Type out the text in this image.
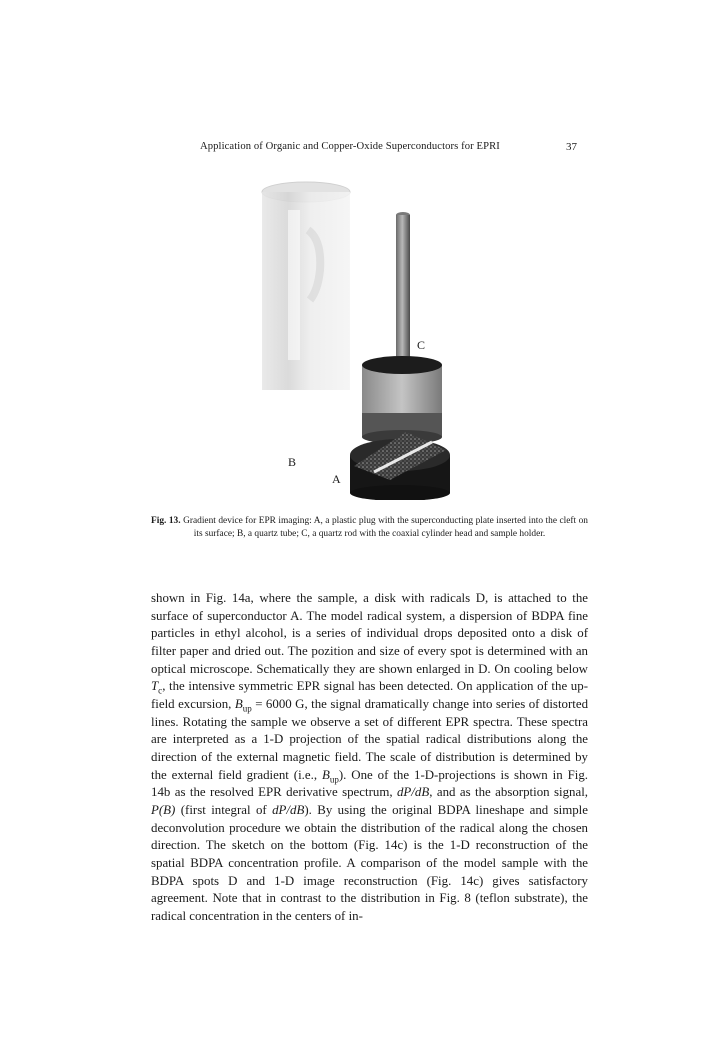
Application of Organic and Copper-Oxide Superconductors for EPRI	37
C
B
A
Fig. 13. Gradient device for EPR imaging: A, a plastic plug with the superconducting plate inserted into the cleft on its surface; B, a quartz tube; C, a quartz rod with the coaxial cylinder head and sample holder.

shown in Fig. 14a, where the sample, a disk with radicals D, is attached to the surface of superconductor A. The model radical system, a dispersion of BDPA fine particles in ethyl alcohol, is a series of individual drops deposited onto a disk of filter paper and dried out. The pozition and size of every spot is determined with an optical microscope. Schematically they are shown enlarged in D. On cooling below $T_c$, the intensive symmetric EPR signal has been detected. On application of the up-field excursion, $B_{up} = 6000$ G, the signal dramatically change into series of distorted lines. Rotating the sample we observe a set of different EPR spectra. These spectra are interpreted as a 1-D projection of the spatial radical distributions along the direction of the external magnetic field. The scale of distribution is determined by the external field gradient (i.e., $B_{up}$). One of the 1-D-projections is shown in Fig. 14b as the resolved EPR derivative spectrum, dP/dB, and as the absorption signal, P(B) (first integral of dP/dB). By using the original BDPA lineshape and simple deconvolution procedure we obtain the distribution of the radical along the chosen direction. The sketch on the bottom (Fig. 14c) is the 1-D reconstruction of the spatial BDPA concentration profile. A comparison of the model sample with the BDPA spots D and 1-D image reconstruction (Fig. 14c) gives satisfactory agreement. Note that in contrast to the distribution in Fig. 8 (teflon substrate), the radical concentration in the centers of in-
